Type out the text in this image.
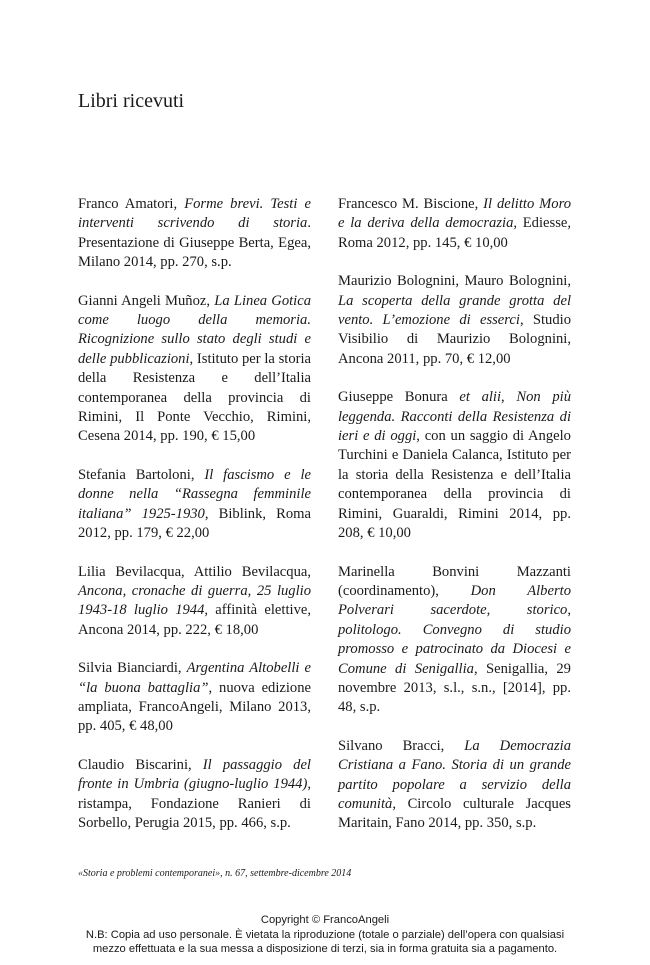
Libri ricevuti

Franco Amatori, Forme brevi. Testi e interventi scrivendo di storia. Presentazione di Giuseppe Berta, Egea, Milano 2014, pp. 270, s.p.

Gianni Angeli Muñoz, La Linea Gotica come luogo della memoria. Ricognizione sullo stato degli studi e delle pubblicazioni, Istituto per la storia della Resistenza e dell’Italia contemporanea della provincia di Rimini, Il Ponte Vecchio, Rimini, Cesena 2014, pp. 190, € 15,00

Stefania Bartoloni, Il fascismo e le donne nella “Rassegna femminile italiana” 1925-1930, Biblink, Roma 2012, pp. 179, € 22,00

Lilia Bevilacqua, Attilio Bevilacqua, Ancona, cronache di guerra, 25 luglio 1943-18 luglio 1944, affinità elettive, Ancona 2014, pp. 222, € 18,00

Silvia Bianciardi, Argentina Altobelli e “la buona battaglia”, nuova edizione ampliata, FrancoAngeli, Milano 2013, pp. 405, € 48,00

Claudio Biscarini, Il passaggio del fronte in Umbria (giugno-luglio 1944), ristampa, Fondazione Ranieri di Sorbello, Perugia 2015, pp. 466, s.p.

Francesco M. Biscione, Il delitto Moro e la deriva della democrazia, Ediesse, Roma 2012, pp. 145, € 10,00

Maurizio Bolognini, Mauro Bolognini, La scoperta della grande grotta del vento. L’emozione di esserci, Studio Visibilio di Maurizio Bolognini, Ancona 2011, pp. 70, € 12,00

Giuseppe Bonura et alii, Non più leggenda. Racconti della Resistenza di ieri e di oggi, con un saggio di Angelo Turchini e Daniela Calanca, Istituto per la storia della Resistenza e dell’Italia contemporanea della provincia di Rimini, Guaraldi, Rimini 2014, pp. 208, € 10,00

Marinella Bonvini Mazzanti (coordinamento), Don Alberto Polverari sacerdote, storico, politologo. Convegno di studio promosso e patrocinato da Diocesi e Comune di Senigallia, Senigallia, 29 novembre 2013, s.l., s.n., [2014], pp. 48, s.p.

Silvano Bracci, La Democrazia Cristiana a Fano. Storia di un grande partito popolare a servizio della comunità, Circolo culturale Jacques Maritain, Fano 2014, pp. 350, s.p.

«Storia e problemi contemporanei», n. 67, settembre-dicembre 2014

Copyright © FrancoAngeli
N.B: Copia ad uso personale. È vietata la riproduzione (totale o parziale) dell’opera con qualsiasi
mezzo effettuata e la sua messa a disposizione di terzi, sia in forma gratuita sia a pagamento.
